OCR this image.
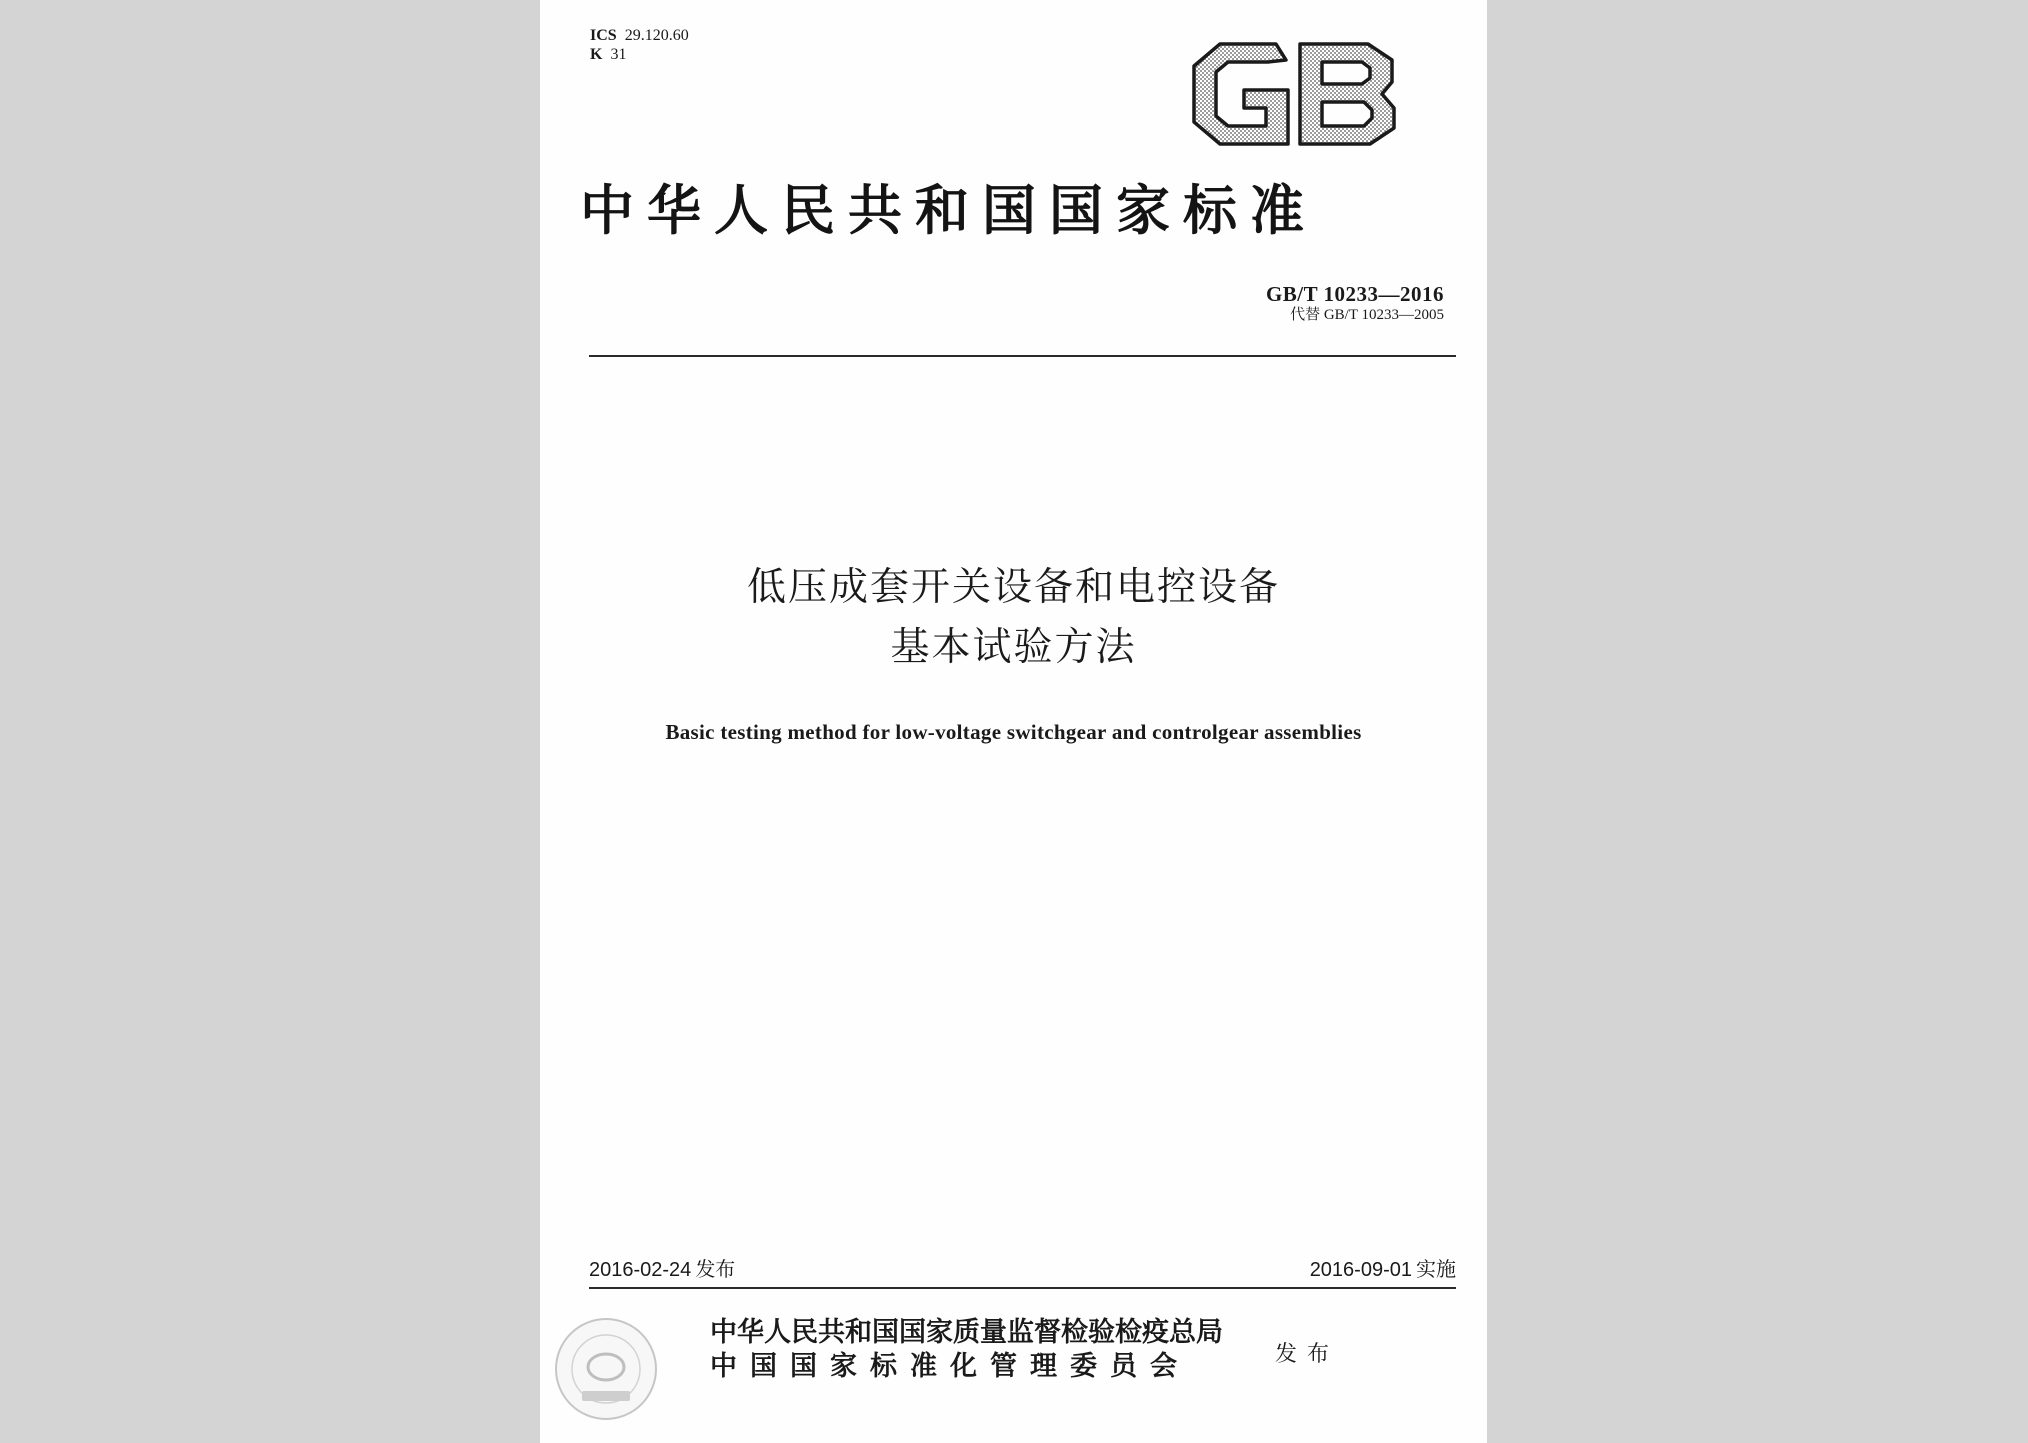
ICS 29.120.60
K 31
中华人民共和国国家标准
GB/T 10233—2016
代替 GB/T 10233—2005
低压成套开关设备和电控设备
基本试验方法
Basic testing method for low-voltage switchgear and controlgear assemblies
2016-02-24 发布	2016-09-01 实施
中华人民共和国国家质量监督检验检疫总局
中国国家标准化管理委员会	发布
